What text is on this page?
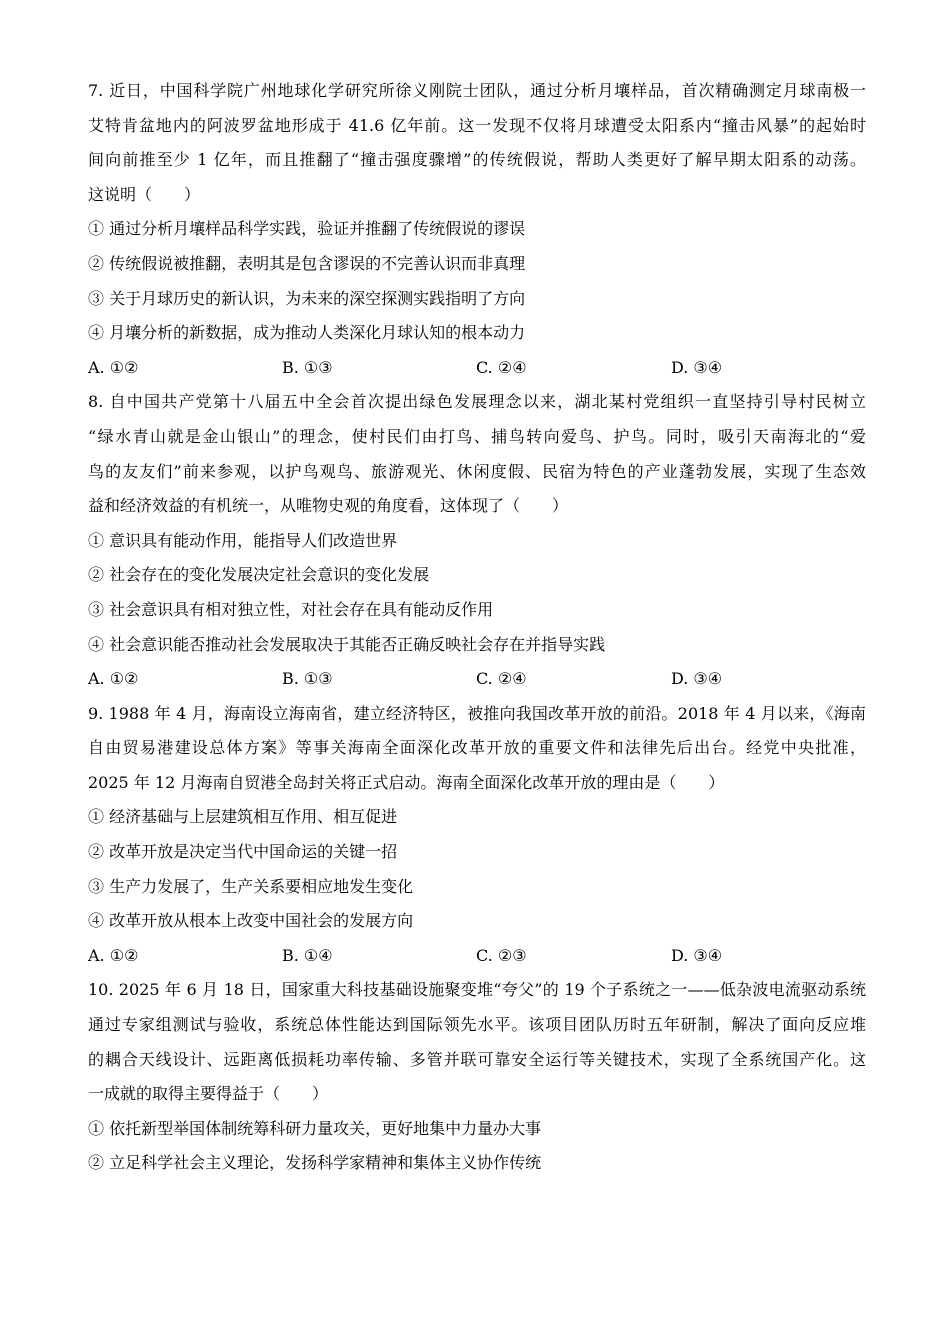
7. 近日，中国科学院广州地球化学研究所徐义刚院士团队，通过分析月壤样品，首次精确测定月球南极一
艾特肯盆地内的阿波罗盆地形成于 41.6 亿年前。这一发现不仅将月球遭受太阳系内“撞击风暴”的起始时
间向前推至少 1 亿年，而且推翻了“撞击强度骤增”的传统假说，帮助人类更好了解早期太阳系的动荡。
这说明（　　）
① 通过分析月壤样品科学实践，验证并推翻了传统假说的谬误
② 传统假说被推翻，表明其是包含谬误的不完善认识而非真理
③ 关于月球历史的新认识，为未来的深空探测实践指明了方向
④ 月壤分析的新数据，成为推动人类深化月球认知的根本动力
A. ①②	B. ①③	C. ②④	D. ③④
8. 自中国共产党第十八届五中全会首次提出绿色发展理念以来，湖北某村党组织一直坚持引导村民树立
“绿水青山就是金山银山”的理念，使村民们由打鸟、捕鸟转向爱鸟、护鸟。同时，吸引天南海北的“爱
鸟的友友们”前来参观，以护鸟观鸟、旅游观光、休闲度假、民宿为特色的产业蓬勃发展，实现了生态效
益和经济效益的有机统一，从唯物史观的角度看，这体现了（　　）
① 意识具有能动作用，能指导人们改造世界
② 社会存在的变化发展决定社会意识的变化发展
③ 社会意识具有相对独立性，对社会存在具有能动反作用
④ 社会意识能否推动社会发展取决于其能否正确反映社会存在并指导实践
A. ①②	B. ①③	C. ②④	D. ③④
9. 1988 年 4 月，海南设立海南省，建立经济特区，被推向我国改革开放的前沿。2018 年 4 月以来，《海南
自由贸易港建设总体方案》等事关海南全面深化改革开放的重要文件和法律先后出台。经党中央批准，
2025 年 12 月海南自贸港全岛封关将正式启动。海南全面深化改革开放的理由是（　　）
① 经济基础与上层建筑相互作用、相互促进
② 改革开放是决定当代中国命运的关键一招
③ 生产力发展了，生产关系要相应地发生变化
④ 改革开放从根本上改变中国社会的发展方向
A. ①②	B. ①④	C. ②③	D. ③④
10. 2025 年 6 月 18 日，国家重大科技基础设施聚变堆“夸父”的 19 个子系统之一——低杂波电流驱动系统
通过专家组测试与验收，系统总体性能达到国际领先水平。该项目团队历时五年研制，解决了面向反应堆
的耦合天线设计、远距离低损耗功率传输、多管并联可靠安全运行等关键技术，实现了全系统国产化。这
一成就的取得主要得益于（　　）
① 依托新型举国体制统筹科研力量攻关，更好地集中力量办大事
② 立足科学社会主义理论，发扬科学家精神和集体主义协作传统
